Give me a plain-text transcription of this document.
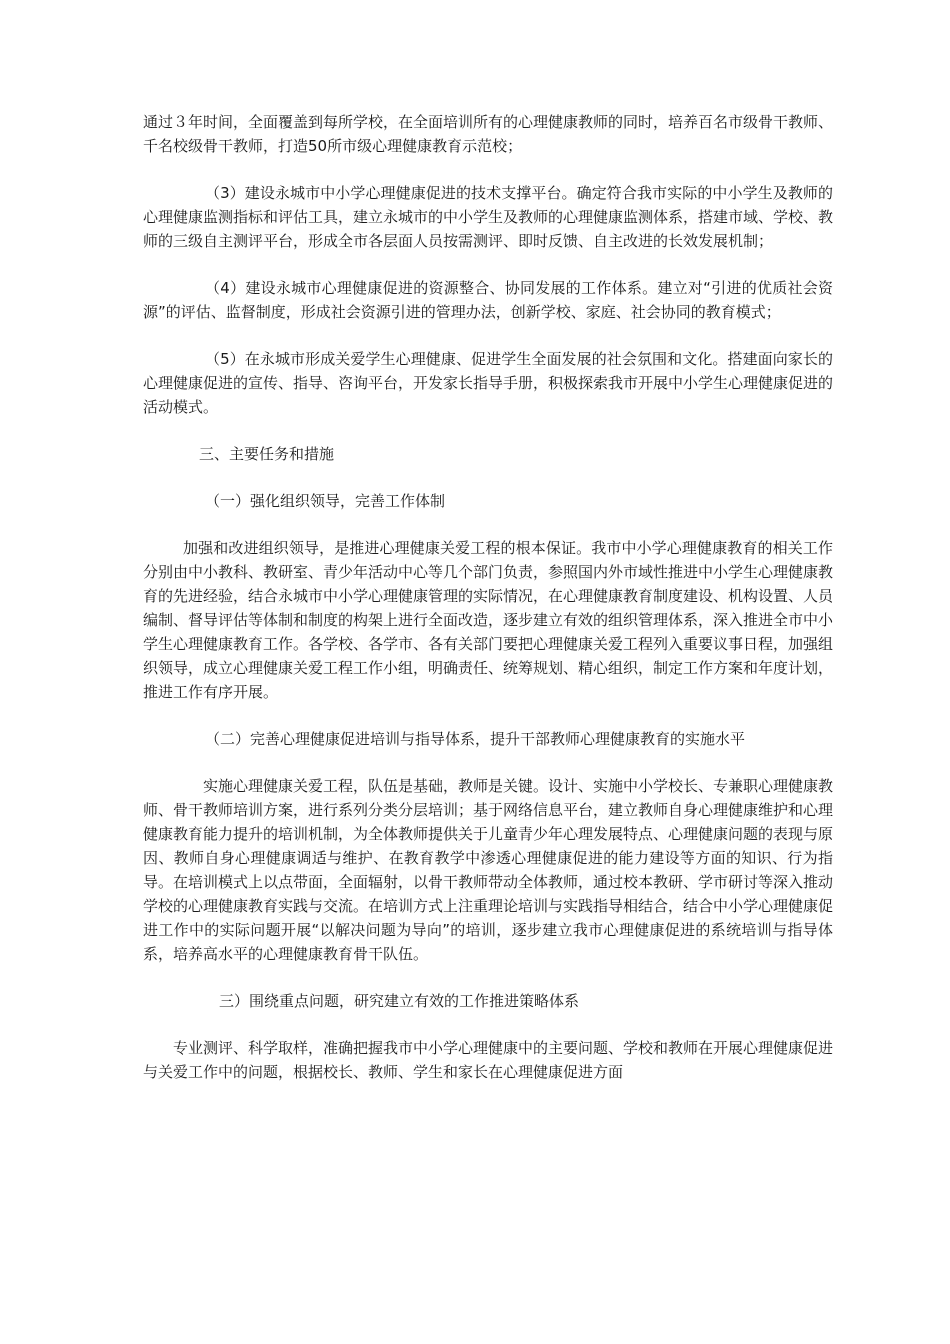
通过３年时间，全面覆盖到每所学校，在全面培训所有的心理健康教师的同时，培养百名市级骨干教师、千名校级骨干教师，打造50所市级心理健康教育示范校；

（3）建设永城市中小学心理健康促进的技术支撑平台。确定符合我市实际的中小学生及教师的心理健康监测指标和评估工具，建立永城市的中小学生及教师的心理健康监测体系，搭建市域、学校、教师的三级自主测评平台，形成全市各层面人员按需测评、即时反馈、自主改进的长效发展机制；

（4）建设永城市心理健康促进的资源整合、协同发展的工作体系。建立对“引进的优质社会资源”的评估、监督制度，形成社会资源引进的管理办法，创新学校、家庭、社会协同的教育模式；

（5）在永城市形成关爱学生心理健康、促进学生全面发展的社会氛围和文化。搭建面向家长的心理健康促进的宣传、指导、咨询平台，开发家长指导手册，积极探索我市开展中小学生心理健康促进的活动模式。

三、主要任务和措施

（一）强化组织领导，完善工作体制

加强和改进组织领导，是推进心理健康关爱工程的根本保证。我市中小学心理健康教育的相关工作分别由中小教科、教研室、青少年活动中心等几个部门负责，参照国内外市域性推进中小学生心理健康教育的先进经验，结合永城市中小学心理健康管理的实际情况，在心理健康教育制度建设、机构设置、人员编制、督导评估等体制和制度的构架上进行全面改造，逐步建立有效的组织管理体系，深入推进全市中小学生心理健康教育工作。各学校、各学市、各有关部门要把心理健康关爱工程列入重要议事日程，加强组织领导，成立心理健康关爱工程工作小组，明确责任、统筹规划、精心组织，制定工作方案和年度计划，推进工作有序开展。

（二）完善心理健康促进培训与指导体系，提升干部教师心理健康教育的实施水平

实施心理健康关爱工程，队伍是基础，教师是关键。设计、实施中小学校长、专兼职心理健康教师、骨干教师培训方案，进行系列分类分层培训；基于网络信息平台，建立教师自身心理健康维护和心理健康教育能力提升的培训机制，为全体教师提供关于儿童青少年心理发展特点、心理健康问题的表现与原因、教师自身心理健康调适与维护、在教育教学中渗透心理健康促进的能力建设等方面的知识、行为指导。在培训模式上以点带面，全面辐射，以骨干教师带动全体教师，通过校本教研、学市研讨等深入推动学校的心理健康教育实践与交流。在培训方式上注重理论培训与实践指导相结合，结合中小学心理健康促进工作中的实际问题开展“以解决问题为导向”的培训，逐步建立我市心理健康促进的系统培训与指导体系，培养高水平的心理健康教育骨干队伍。

三）围绕重点问题，研究建立有效的工作推进策略体系

专业测评、科学取样，准确把握我市中小学心理健康中的主要问题、学校和教师在开展心理健康促进与关爱工作中的问题，根据校长、教师、学生和家长在心理健康促进方面
